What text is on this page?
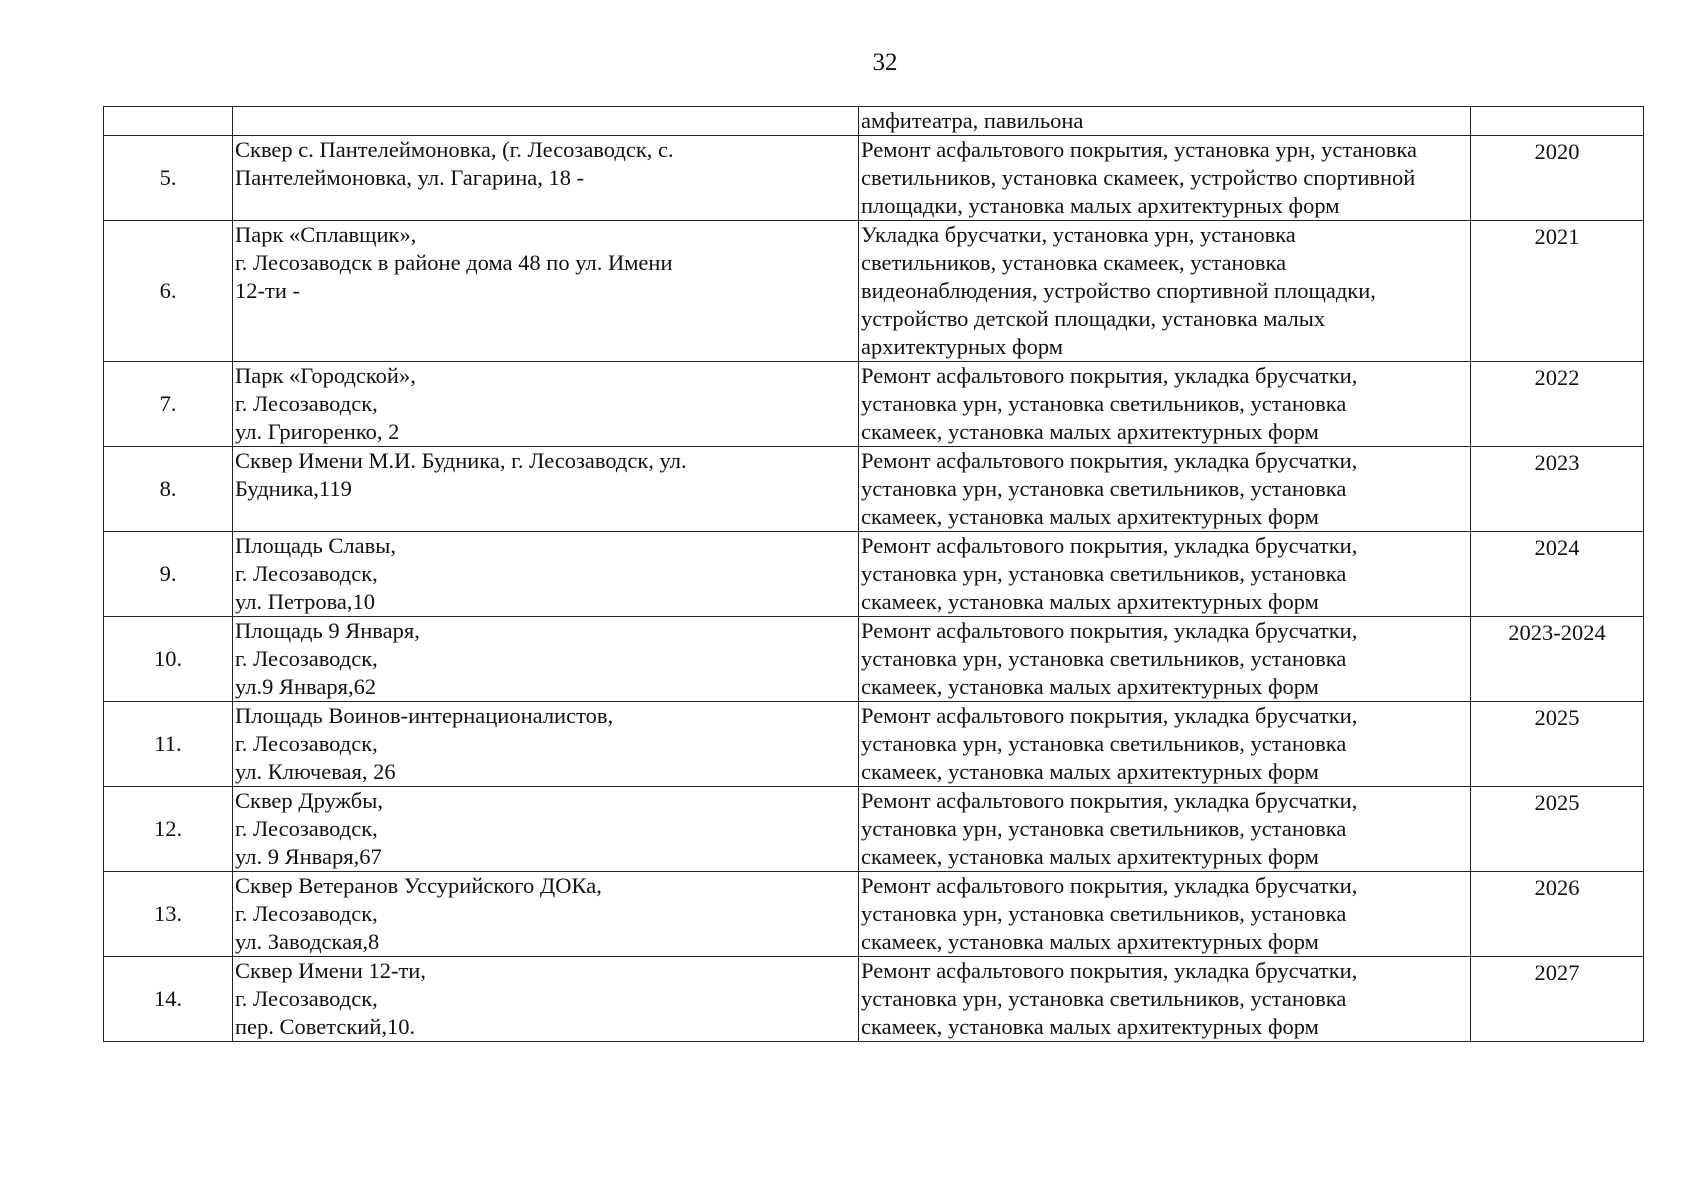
32
		амфитеатра, павильона	
5.	Сквер с. Пантелеймоновка, (г. Лесозаводск, с.
Пантелеймоновка, ул. Гагарина, 18 -	Ремонт асфальтового покрытия, установка урн, установка
светильников, установка скамеек, устройство спортивной
площадки, установка малых архитектурных форм	2020
6.	Парк «Сплавщик»,
г. Лесозаводск в районе дома 48 по ул. Имени
12-ти -	Укладка брусчатки, установка урн, установка
светильников, установка скамеек, установка
видеонаблюдения, устройство спортивной площадки,
устройство детской площадки, установка малых
архитектурных форм	2021
7.	Парк «Городской»,
г. Лесозаводск,
ул. Григоренко, 2	Ремонт асфальтового покрытия, укладка брусчатки,
установка урн, установка светильников, установка
скамеек, установка малых архитектурных форм	2022
8.	Сквер Имени М.И. Будника, г. Лесозаводск, ул.
Будника,119	Ремонт асфальтового покрытия, укладка брусчатки,
установка урн, установка светильников, установка
скамеек, установка малых архитектурных форм	2023
9.	Площадь Славы,
г. Лесозаводск,
ул. Петрова,10	Ремонт асфальтового покрытия, укладка брусчатки,
установка урн, установка светильников, установка
скамеек, установка малых архитектурных форм	2024
10.	Площадь 9 Января,
г. Лесозаводск,
ул.9 Января,62	Ремонт асфальтового покрытия, укладка брусчатки,
установка урн, установка светильников, установка
скамеек, установка малых архитектурных форм	2023-2024
11.	Площадь Воинов-интернационалистов,
г. Лесозаводск,
ул. Ключевая, 26	Ремонт асфальтового покрытия, укладка брусчатки,
установка урн, установка светильников, установка
скамеек, установка малых архитектурных форм	2025
12.	Сквер Дружбы,
г. Лесозаводск,
ул. 9 Января,67	Ремонт асфальтового покрытия, укладка брусчатки,
установка урн, установка светильников, установка
скамеек, установка малых архитектурных форм	2025
13.	Сквер Ветеранов Уссурийского ДОКа,
г. Лесозаводск,
ул. Заводская,8	Ремонт асфальтового покрытия, укладка брусчатки,
установка урн, установка светильников, установка
скамеек, установка малых архитектурных форм	2026
14.	Сквер Имени 12-ти,
г. Лесозаводск,
пер. Советский,10.	Ремонт асфальтового покрытия, укладка брусчатки,
установка урн, установка светильников, установка
скамеек, установка малых архитектурных форм	2027
